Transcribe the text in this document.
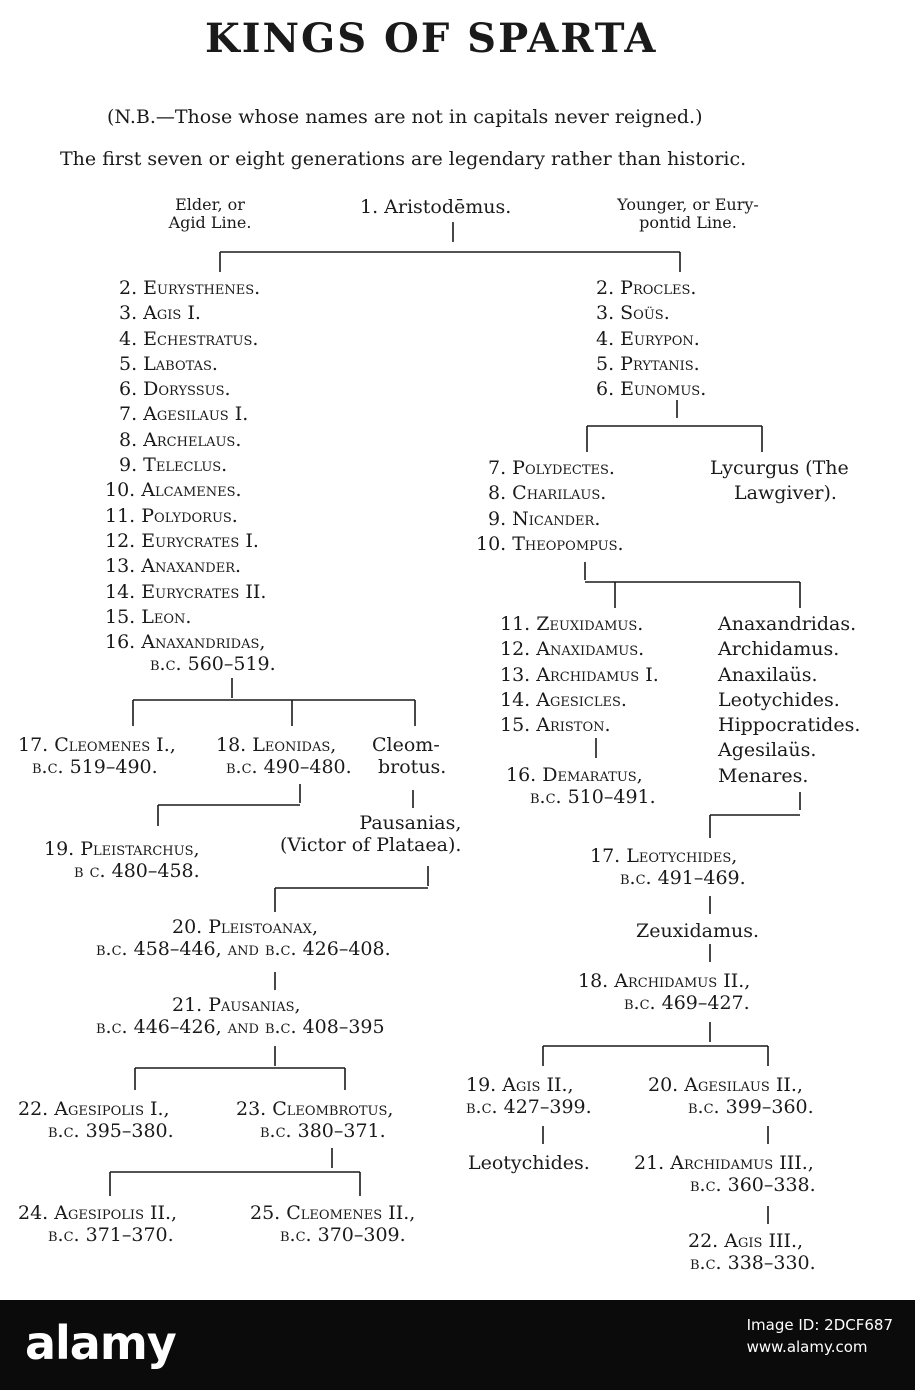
KINGS OF SPARTA
(N.B.—Those whose names are not in capitals never reigned.)
The first seven or eight generations are legendary rather than historic.
Elder, or
Agid Line.
1. Aristodēmus.	Younger, or Eury-
pontid Line.
2. Eurysthenes.
3. Agis I.
4. Echestratus.
5. Labotas.
6. Doryssus.
7. Agesilaus I.
8. Archelaus.
9. Teleclus.
10. Alcamenes.
11. Polydorus.
12. Eurycrates I.
13. Anaxander.
14. Eurycrates II.
15. Leon.
16. Anaxandridas,
b.c. 560–519.
17. Cleomenes I.,
b.c. 519–490.
18. Leonidas,
b.c. 490–480.
Cleom-
brotus.
19. Pleistarchus,
b c. 480–458.
Pausanias,
(Victor of Plataea).
20. Pleistoanax,
b.c. 458–446, and b.c. 426–408.
21. Pausanias,
b.c. 446–426, and b.c. 408–395
22. Agesipolis I.,
b.c. 395–380.
23. Cleombrotus,
b.c. 380–371.
24. Agesipolis II.,
b.c. 371–370.
25. Cleomenes II.,
b.c. 370–309.
2. Procles.
3. Soüs.
4. Eurypon.
5. Prytanis.
6. Eunomus.
7. Polydectes.
8. Charilaus.
9. Nicander.
10. Theopompus.
Lycurgus (The
Lawgiver).
11. Zeuxidamus.
12. Anaxidamus.
13. Archidamus I.
14. Agesicles.
15. Ariston.
Anaxandridas.
Archidamus.
Anaxilaüs.
Leotychides.
Hippocratides.
Agesilaüs.
Menares.
16. Demaratus,
b.c. 510–491.
17. Leotychides,
b.c. 491–469.
Zeuxidamus.
18. Archidamus II.,
b.c. 469–427.
19. Agis II.,
b.c. 427–399.
20. Agesilaus II.,
b.c. 399–360.
Leotychides. 21. Archidamus III.,
b.c. 360–338.
22. Agis III.,
b.c. 338–330.
alamy	Image ID: 2DCF687
www.alamy.com
